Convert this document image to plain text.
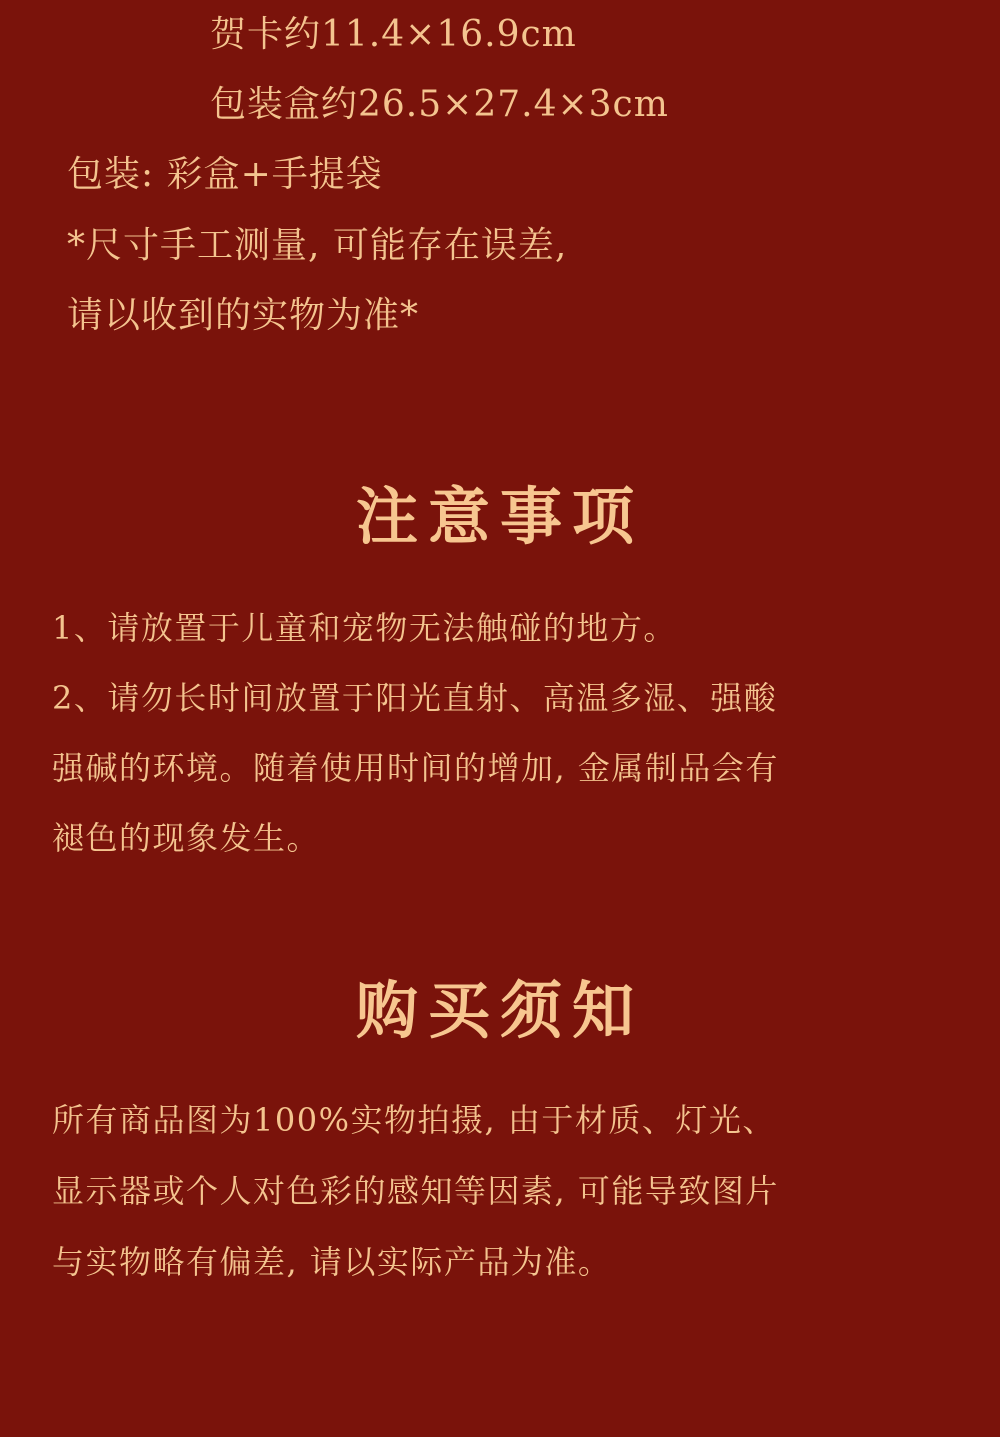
贺卡约11.4×16.9cm
包装盒约26.5×27.4×3cm
包装: 彩盒+手提袋
*尺寸手工测量, 可能存在误差,
请以收到的实物为准*
注意事项
1、请放置于儿童和宠物无法触碰的地方。
2、请勿长时间放置于阳光直射、高温多湿、强酸
强碱的环境。随着使用时间的增加, 金属制品会有
褪色的现象发生。
购买须知
所有商品图为100%实物拍摄, 由于材质、灯光、
显示器或个人对色彩的感知等因素, 可能导致图片
与实物略有偏差, 请以实际产品为准。
